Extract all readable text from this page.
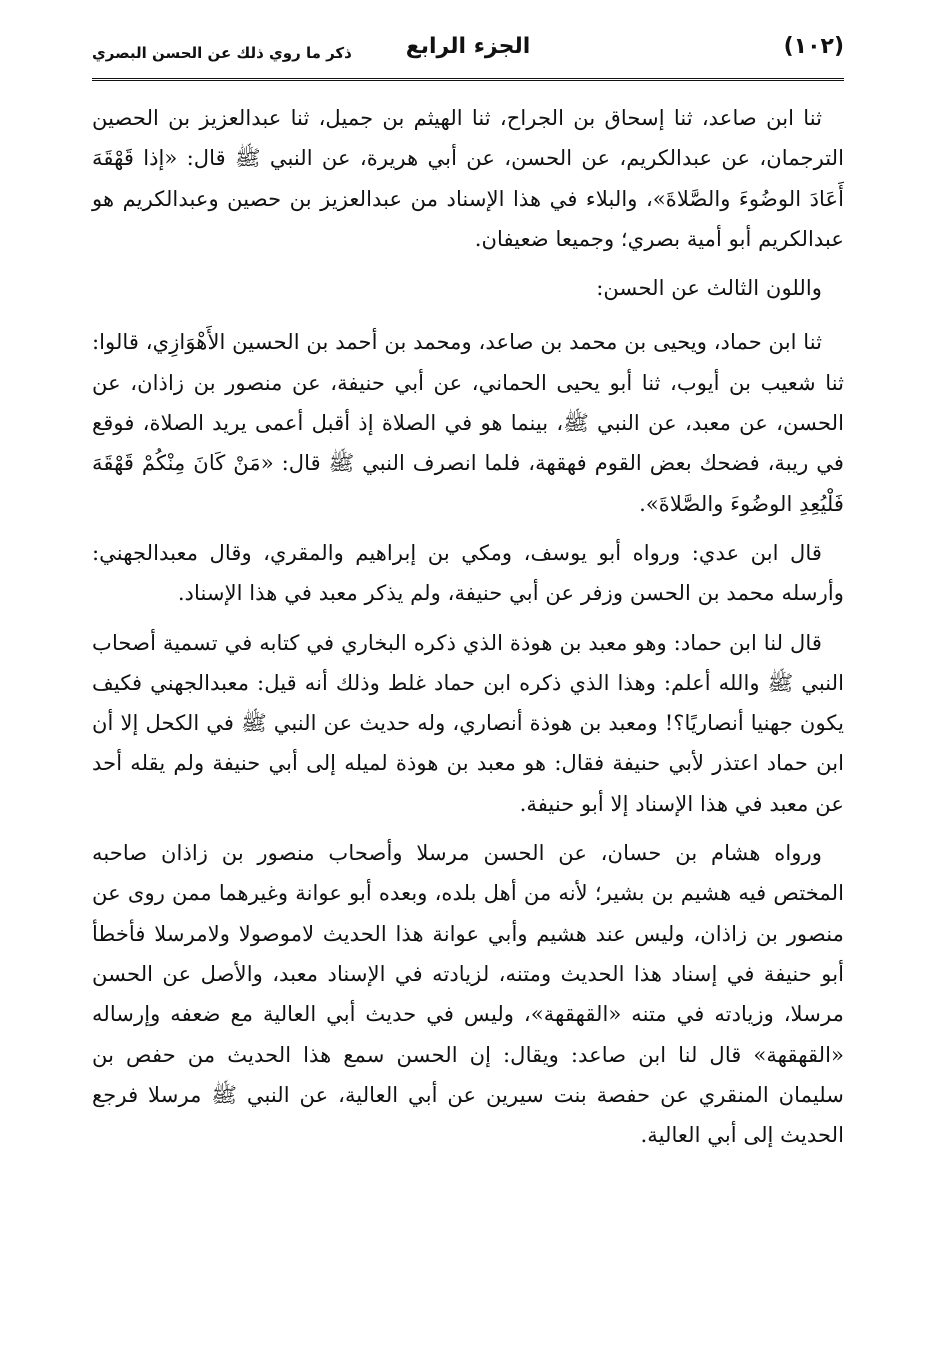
(١٠٢)
الجزء الرابع
ذكر ما روي ذلك عن الحسن البصري

ثنا ابن صاعد، ثنا إسحاق بن الجراح، ثنا الهيثم بن جميل، ثنا عبدالعزيز بن الحصين الترجمان، عن عبدالكريم، عن الحسن، عن أبي هريرة، عن النبي ﷺ قال: «إذا قَهْقَهَ أَعَادَ الوضُوءَ والصَّلاةَ»، والبلاء في هذا الإسناد من عبدالعزيز بن حصين وعبدالكريم هو عبدالكريم أبو أمية بصري؛ وجميعا ضعيفان.

واللون الثالث عن الحسن:

ثنا ابن حماد، ويحيى بن محمد بن صاعد، ومحمد بن أحمد بن الحسين الأَهْوَازِي، قالوا: ثنا شعيب بن أيوب، ثنا أبو يحيى الحماني، عن أبي حنيفة، عن منصور بن زاذان، عن الحسن، عن معبد، عن النبي ﷺ، بينما هو في الصلاة إذ أقبل أعمى يريد الصلاة، فوقع في ريبة، فضحك بعض القوم فهقهة، فلما انصرف النبي ﷺ قال: «مَنْ كَانَ مِنْكُمْ قَهْقَهَ فَلْيُعِدِ الوضُوءَ والصَّلاةَ».

قال ابن عدي: ورواه أبو يوسف، ومكي بن إبراهيم والمقري، وقال معبدالجهني: وأرسله محمد بن الحسن وزفر عن أبي حنيفة، ولم يذكر معبد في هذا الإسناد.

قال لنا ابن حماد: وهو معبد بن هوذة الذي ذكره البخاري في كتابه في تسمية أصحاب النبي ﷺ والله أعلم: وهذا الذي ذكره ابن حماد غلط وذلك أنه قيل: معبدالجهني فكيف يكون جهنيا أنصاريًا؟! ومعبد بن هوذة أنصاري، وله حديث عن النبي ﷺ في الكحل إلا أن ابن حماد اعتذر لأبي حنيفة فقال: هو معبد بن هوذة لميله إلى أبي حنيفة ولم يقله أحد عن معبد في هذا الإسناد إلا أبو حنيفة.

ورواه هشام بن حسان، عن الحسن مرسلا وأصحاب منصور بن زاذان صاحبه المختص فيه هشيم بن بشير؛ لأنه من أهل بلده، وبعده أبو عوانة وغيرهما ممن روى عن منصور بن زاذان، وليس عند هشيم وأبي عوانة هذا الحديث لاموصولا ولامرسلا فأخطأ أبو حنيفة في إسناد هذا الحديث ومتنه، لزيادته في الإسناد معبد، والأصل عن الحسن مرسلا، وزيادته في متنه «القهقهة»، وليس في حديث أبي العالية مع ضعفه وإرساله «القهقهة» قال لنا ابن صاعد: ويقال: إن الحسن سمع هذا الحديث من حفص بن سليمان المنقري عن حفصة بنت سيرين عن أبي العالية، عن النبي ﷺ مرسلا فرجع الحديث إلى أبي العالية.
